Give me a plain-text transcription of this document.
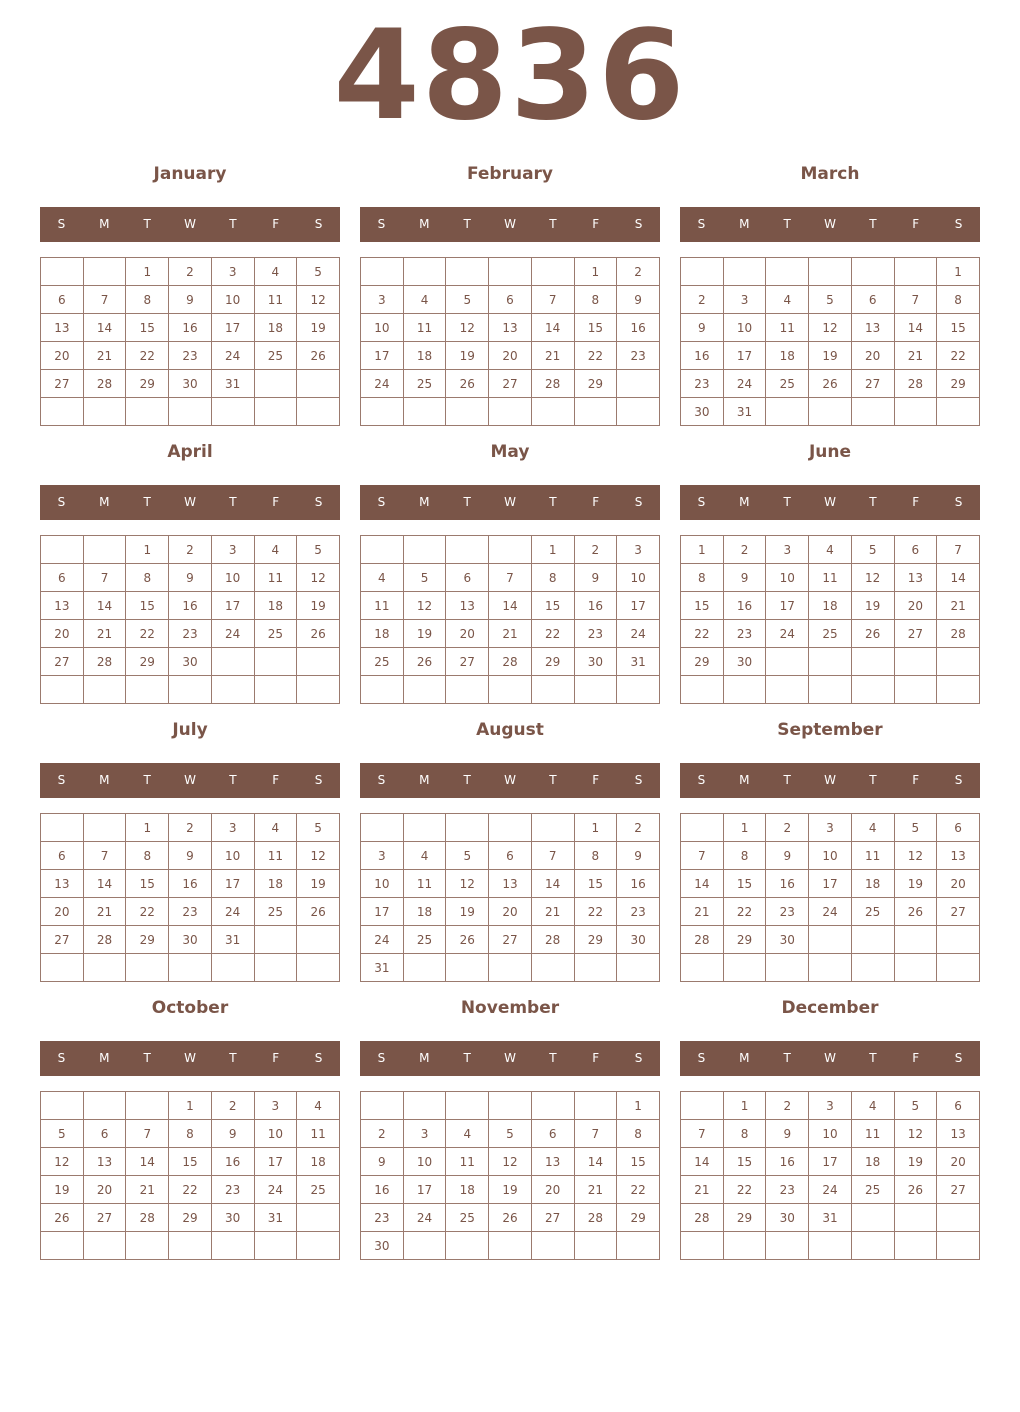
4836
January
S	M	T	W	T	F	S
		1	2	3	4	5
6	7	8	9	10	11	12
13	14	15	16	17	18	19
20	21	22	23	24	25	26
27	28	29	30	31		

February
S	M	T	W	T	F	S
					1	2
3	4	5	6	7	8	9
10	11	12	13	14	15	16
17	18	19	20	21	22	23
24	25	26	27	28	29	

March
S	M	T	W	T	F	S
						1
2	3	4	5	6	7	8
9	10	11	12	13	14	15
16	17	18	19	20	21	22
23	24	25	26	27	28	29
30	31					
April
S	M	T	W	T	F	S
		1	2	3	4	5
6	7	8	9	10	11	12
13	14	15	16	17	18	19
20	21	22	23	24	25	26
27	28	29	30			

May
S	M	T	W	T	F	S
				1	2	3
4	5	6	7	8	9	10
11	12	13	14	15	16	17
18	19	20	21	22	23	24
25	26	27	28	29	30	31

June
S	M	T	W	T	F	S
1	2	3	4	5	6	7
8	9	10	11	12	13	14
15	16	17	18	19	20	21
22	23	24	25	26	27	28
29	30					

July
S	M	T	W	T	F	S
		1	2	3	4	5
6	7	8	9	10	11	12
13	14	15	16	17	18	19
20	21	22	23	24	25	26
27	28	29	30	31		

August
S	M	T	W	T	F	S
					1	2
3	4	5	6	7	8	9
10	11	12	13	14	15	16
17	18	19	20	21	22	23
24	25	26	27	28	29	30
31						
September
S	M	T	W	T	F	S
	1	2	3	4	5	6
7	8	9	10	11	12	13
14	15	16	17	18	19	20
21	22	23	24	25	26	27
28	29	30				

October
S	M	T	W	T	F	S
			1	2	3	4
5	6	7	8	9	10	11
12	13	14	15	16	17	18
19	20	21	22	23	24	25
26	27	28	29	30	31	

November
S	M	T	W	T	F	S
						1
2	3	4	5	6	7	8
9	10	11	12	13	14	15
16	17	18	19	20	21	22
23	24	25	26	27	28	29
30						
December
S	M	T	W	T	F	S
	1	2	3	4	5	6
7	8	9	10	11	12	13
14	15	16	17	18	19	20
21	22	23	24	25	26	27
28	29	30	31			
